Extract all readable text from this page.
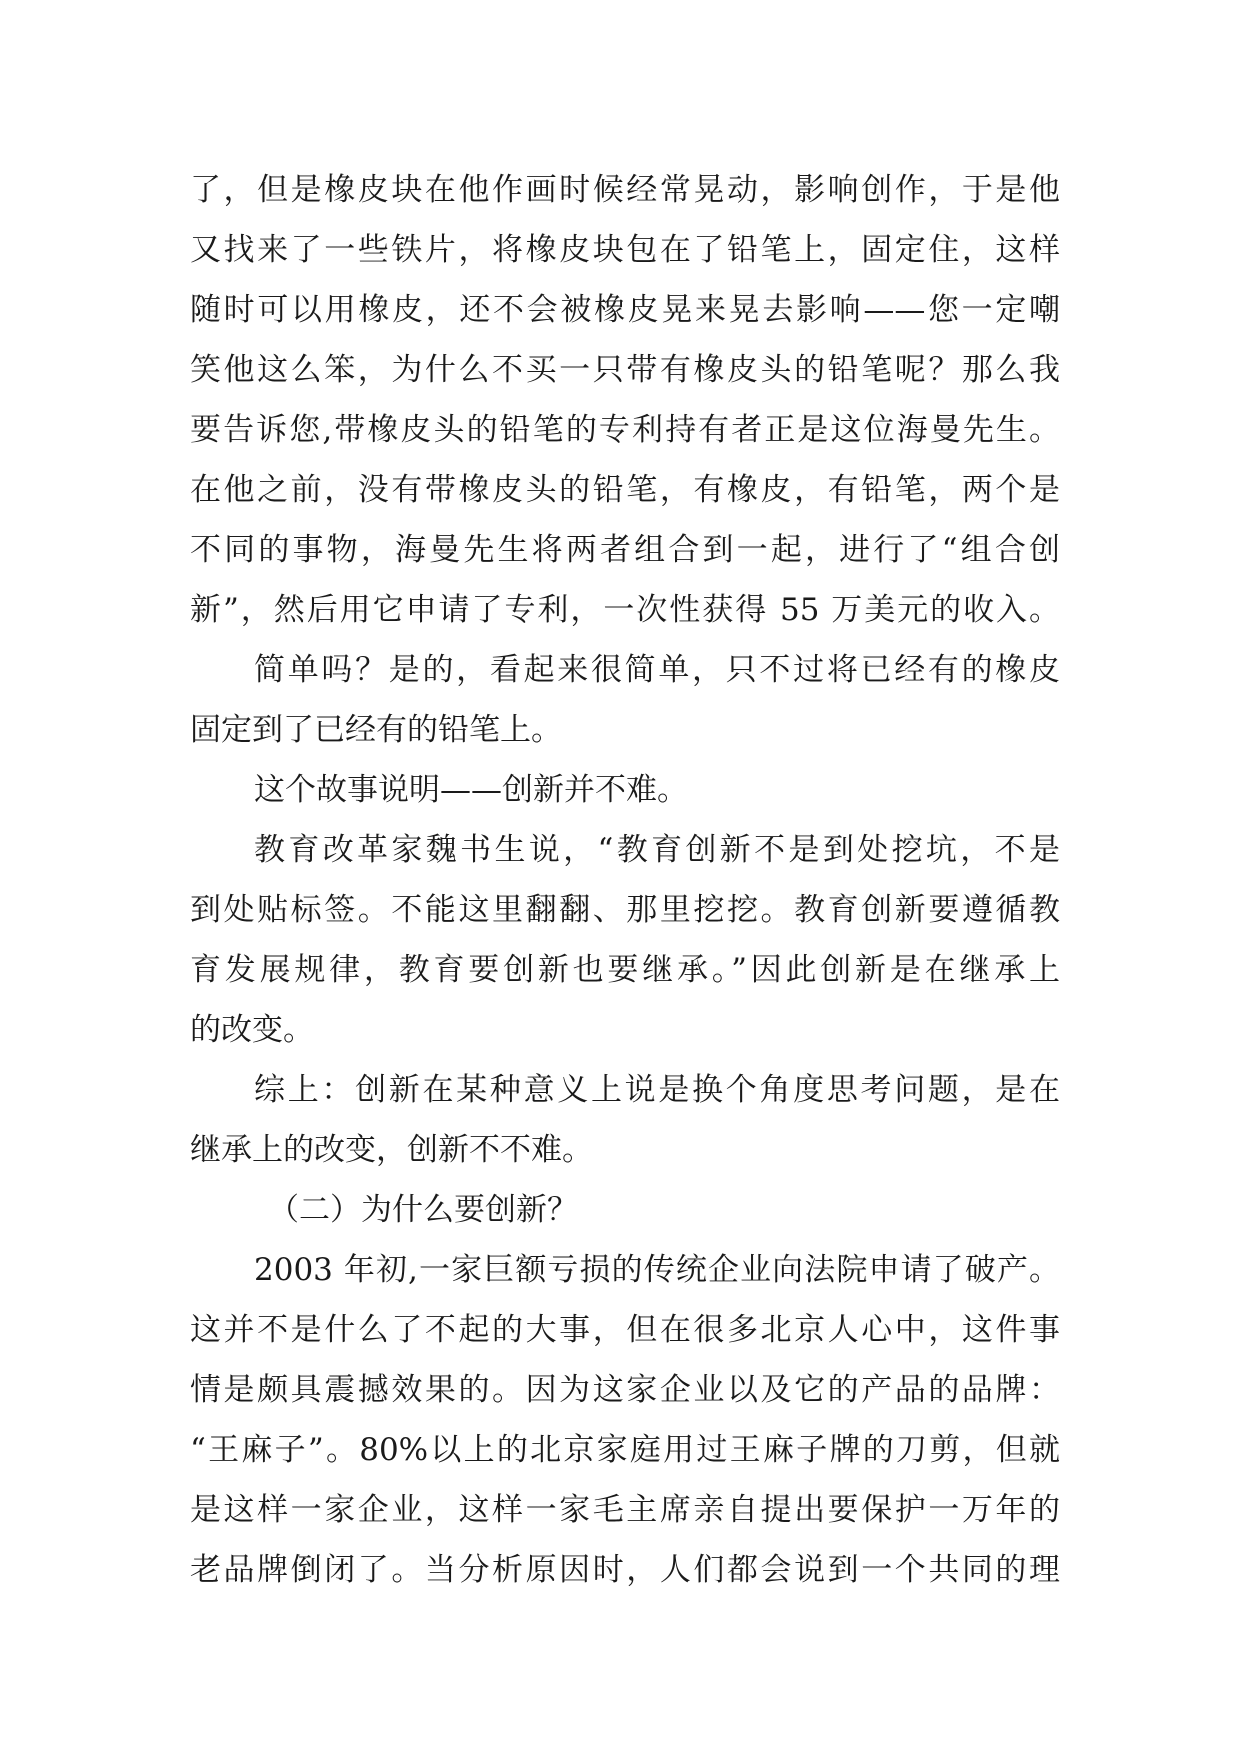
了，但是橡皮块在他作画时候经常晃动，影响创作，于是他
又找来了一些铁片，将橡皮块包在了铅笔上，固定住，这样
随时可以用橡皮，还不会被橡皮晃来晃去影响——您一定嘲
笑他这么笨，为什么不买一只带有橡皮头的铅笔呢？那么我
要告诉您,带橡皮头的铅笔的专利持有者正是这位海曼先生。
在他之前，没有带橡皮头的铅笔，有橡皮，有铅笔，两个是
不同的事物，海曼先生将两者组合到一起，进行了“组合创
新”，然后用它申请了专利，一次性获得 55 万美元的收入。
简单吗？是的，看起来很简单，只不过将已经有的橡皮
固定到了已经有的铅笔上。
这个故事说明——创新并不难。
教育改革家魏书生说，“教育创新不是到处挖坑，不是
到处贴标签。不能这里翻翻、那里挖挖。教育创新要遵循教
育发展规律，教育要创新也要继承。”因此创新是在继承上
的改变。
综上：创新在某种意义上说是换个角度思考问题，是在
继承上的改变，创新不不难。
（二）为什么要创新？
2003 年初,一家巨额亏损的传统企业向法院申请了破产。
这并不是什么了不起的大事，但在很多北京人心中，这件事
情是颇具震撼效果的。因为这家企业以及它的产品的品牌：
“王麻子”。80%以上的北京家庭用过王麻子牌的刀剪，但就
是这样一家企业，这样一家毛主席亲自提出要保护一万年的
老品牌倒闭了。当分析原因时，人们都会说到一个共同的理
